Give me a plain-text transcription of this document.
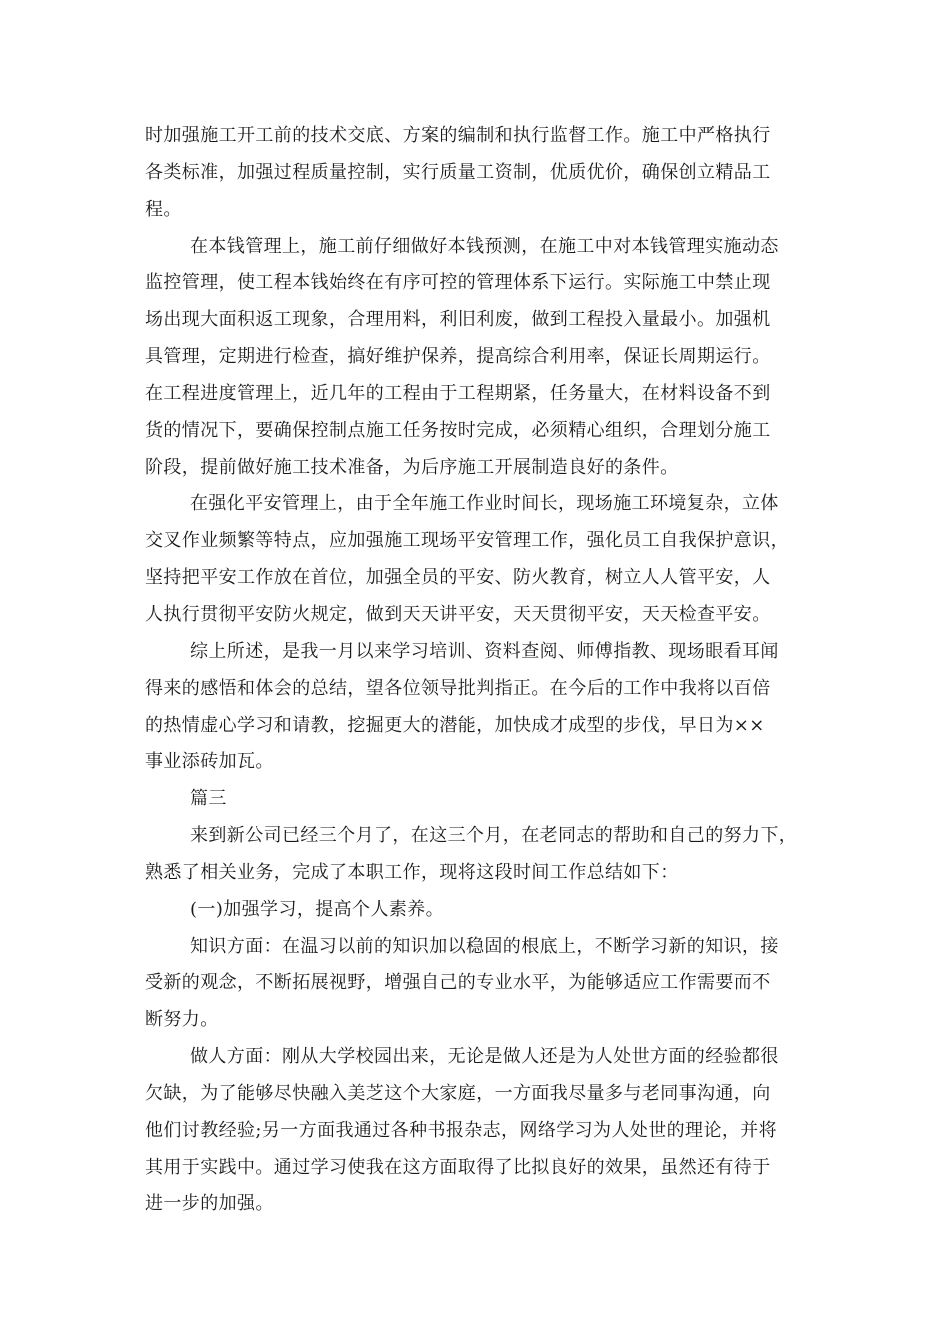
时加强施工开工前的技术交底、方案的编制和执行监督工作。施工中严格执行
各类标准，加强过程质量控制，实行质量工资制，优质优价，确保创立精品工
程。
在本钱管理上，施工前仔细做好本钱预测，在施工中对本钱管理实施动态
监控管理，使工程本钱始终在有序可控的管理体系下运行。实际施工中禁止现
场出现大面积返工现象，合理用料，利旧利废，做到工程投入量最小。加强机
具管理，定期进行检查，搞好维护保养，提高综合利用率，保证长周期运行。
在工程进度管理上，近几年的工程由于工程期紧，任务量大，在材料设备不到
货的情况下，要确保控制点施工任务按时完成，必须精心组织，合理划分施工
阶段，提前做好施工技术准备，为后序施工开展制造良好的条件。
在强化平安管理上，由于全年施工作业时间长，现场施工环境复杂，立体
交叉作业频繁等特点，应加强施工现场平安管理工作，强化员工自我保护意识，
坚持把平安工作放在首位，加强全员的平安、防火教育，树立人人管平安，人
人执行贯彻平安防火规定，做到天天讲平安，天天贯彻平安，天天检查平安。
综上所述，是我一月以来学习培训、资料查阅、师傅指教、现场眼看耳闻
得来的感悟和体会的总结，望各位领导批判指正。在今后的工作中我将以百倍
的热情虚心学习和请教，挖掘更大的潜能，加快成才成型的步伐，早日为××
事业添砖加瓦。
篇三
来到新公司已经三个月了，在这三个月，在老同志的帮助和自己的努力下，
熟悉了相关业务，完成了本职工作，现将这段时间工作总结如下：
(一)加强学习，提高个人素养。
知识方面：在温习以前的知识加以稳固的根底上，不断学习新的知识，接
受新的观念，不断拓展视野，增强自己的专业水平，为能够适应工作需要而不
断努力。
做人方面：刚从大学校园出来，无论是做人还是为人处世方面的经验都很
欠缺，为了能够尽快融入美芝这个大家庭，一方面我尽量多与老同事沟通，向
他们讨教经验;另一方面我通过各种书报杂志，网络学习为人处世的理论，并将
其用于实践中。通过学习使我在这方面取得了比拟良好的效果，虽然还有待于
进一步的加强。
